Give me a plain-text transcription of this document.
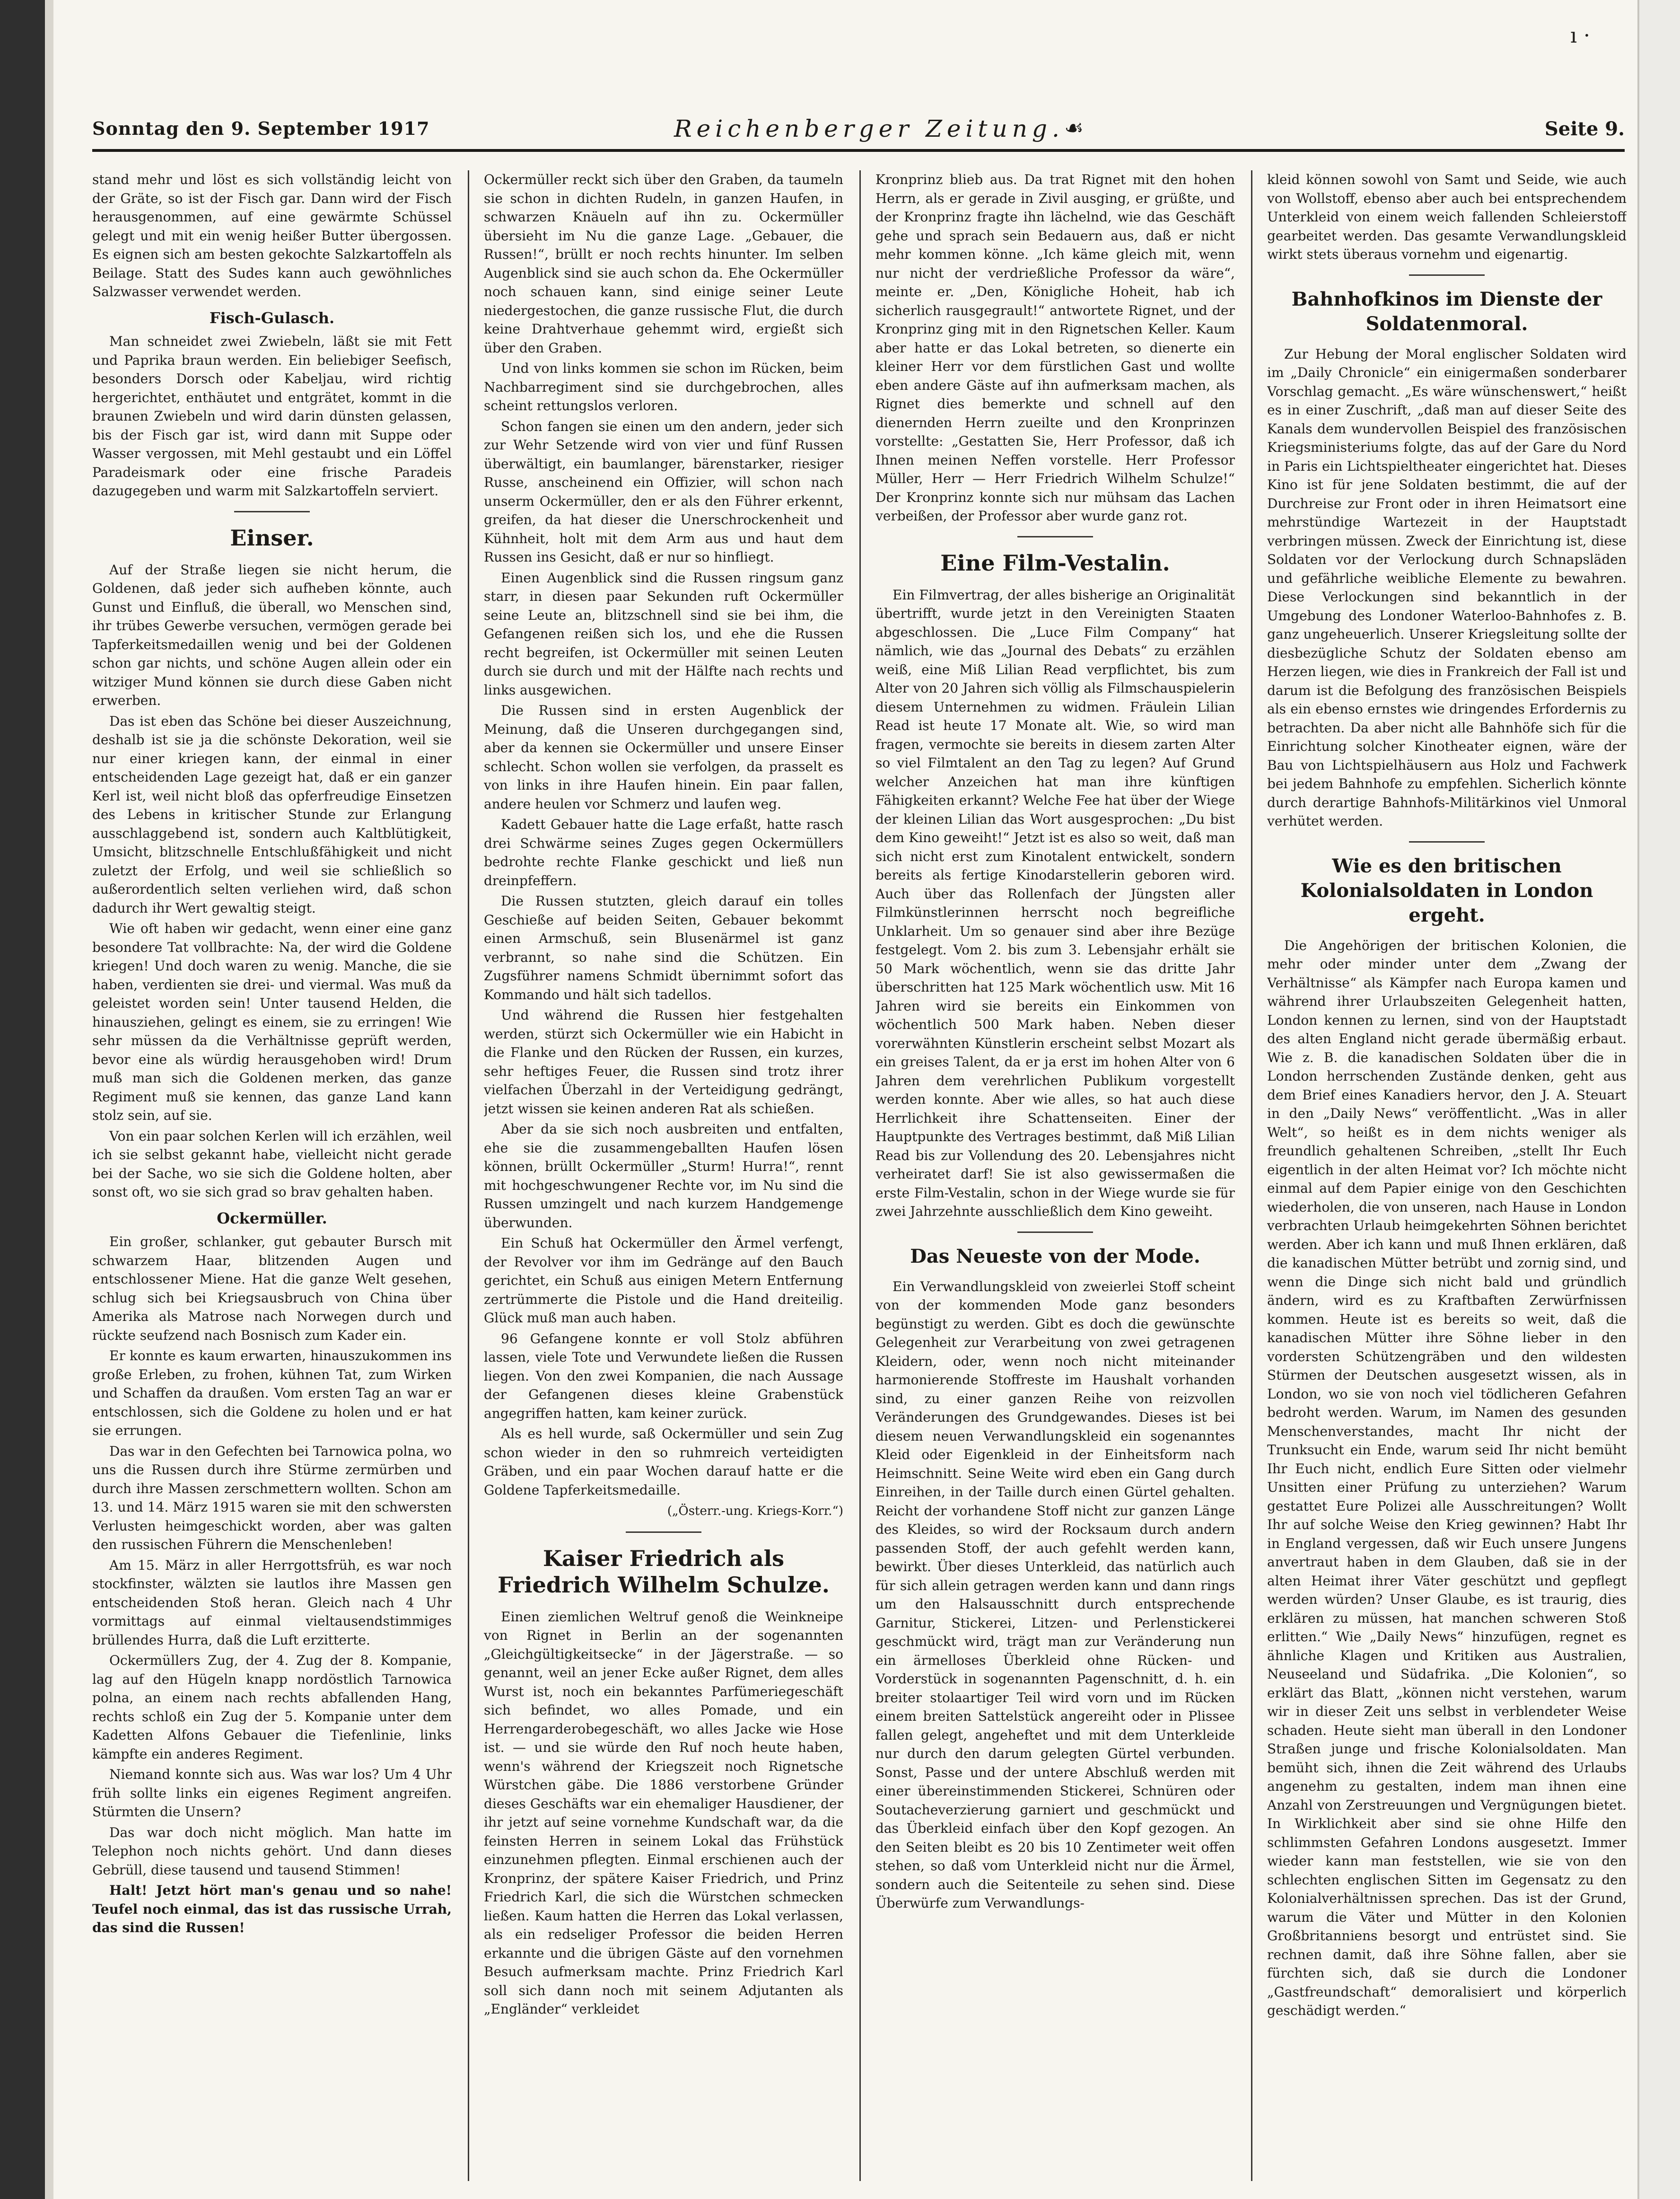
ı ·
Sonntag den 9. September 1917	Reichenberger Zeitung. ☙	Seite 9.

stand mehr und löst es sich vollständig leicht von der Gräte, so ist der Fisch gar. Dann wird der Fisch herausgenommen, auf eine gewärmte Schüssel gelegt und mit ein wenig heißer Butter übergossen. Es eignen sich am besten gekochte Salzkartoffeln als Beilage. Statt des Sudes kann auch gewöhnliches Salzwasser verwendet werden.

Fisch-Gulasch.

Man schneidet zwei Zwiebeln, läßt sie mit Fett und Paprika braun werden. Ein beliebiger Seefisch, besonders Dorsch oder Kabeljau, wird richtig hergerichtet, enthäutet und entgrätet, kommt in die braunen Zwiebeln und wird darin dünsten gelassen, bis der Fisch gar ist, wird dann mit Suppe oder Wasser vergossen, mit Mehl gestaubt und ein Löffel Paradeismark oder eine frische Paradeis dazugegeben und warm mit Salzkartoffeln serviert.

Einser.

Auf der Straße liegen sie nicht herum, die Goldenen, daß jeder sich aufheben könnte, auch Gunst und Einfluß, die überall, wo Menschen sind, ihr trübes Gewerbe versuchen, vermögen gerade bei Tapferkeitsmedaillen wenig und bei der Goldenen schon gar nichts, und schöne Augen allein oder ein witziger Mund können sie durch diese Gaben nicht erwerben.

Das ist eben das Schöne bei dieser Auszeichnung, deshalb ist sie ja die schönste Dekoration, weil sie nur einer kriegen kann, der einmal in einer entscheidenden Lage gezeigt hat, daß er ein ganzer Kerl ist, weil nicht bloß das opferfreudige Einsetzen des Lebens in kritischer Stunde zur Erlangung ausschlaggebend ist, sondern auch Kaltblütigkeit, Umsicht, blitzschnelle Entschlußfähigkeit und nicht zuletzt der Erfolg, und weil sie schließlich so außerordentlich selten verliehen wird, daß schon dadurch ihr Wert gewaltig steigt.

Wie oft haben wir gedacht, wenn einer eine ganz besondere Tat vollbrachte: Na, der wird die Goldene kriegen! Und doch waren zu wenig. Manche, die sie haben, verdienten sie drei- und viermal. Was muß da geleistet worden sein! Unter tausend Helden, die hinausziehen, gelingt es einem, sie zu erringen! Wie sehr müssen da die Verhältnisse geprüft werden, bevor eine als würdig herausgehoben wird! Drum muß man sich die Goldenen merken, das ganze Regiment muß sie kennen, das ganze Land kann stolz sein, auf sie.

Von ein paar solchen Kerlen will ich erzählen, weil ich sie selbst gekannt habe, vielleicht nicht gerade bei der Sache, wo sie sich die Goldene holten, aber sonst oft, wo sie sich grad so brav gehalten haben.

Ockermüller.

Ein großer, schlanker, gut gebauter Bursch mit schwarzem Haar, blitzenden Augen und entschlossener Miene. Hat die ganze Welt gesehen, schlug sich bei Kriegsausbruch von China über Amerika als Matrose nach Norwegen durch und rückte seufzend nach Bosnisch zum Kader ein.

Er konnte es kaum erwarten, hinauszukommen ins große Erleben, zu frohen, kühnen Tat, zum Wirken und Schaffen da draußen. Vom ersten Tag an war er entschlossen, sich die Goldene zu holen und er hat sie errungen.

Das war in den Gefechten bei Tarnowica polna, wo uns die Russen durch ihre Stürme zermürben und durch ihre Massen zerschmettern wollten. Schon am 13. und 14. März 1915 waren sie mit den schwersten Verlusten heimgeschickt worden, aber was galten den russischen Führern die Menschenleben!

Am 15. März in aller Herrgottsfrüh, es war noch stockfinster, wälzten sie lautlos ihre Massen gen entscheidenden Stoß heran. Gleich nach 4 Uhr vormittags auf einmal vieltausendstimmiges brüllendes Hurra, daß die Luft erzitterte.

Ockermüllers Zug, der 4. Zug der 8. Kompanie, lag auf den Hügeln knapp nordöstlich Tarnowica polna, an einem nach rechts abfallenden Hang, rechts schloß ein Zug der 5. Kompanie unter dem Kadetten Alfons Gebauer die Tiefenlinie, links kämpfte ein anderes Regiment.

Niemand konnte sich aus. Was war los? Um 4 Uhr früh sollte links ein eigenes Regiment angreifen. Stürmten die Unsern?

Das war doch nicht möglich. Man hatte im Telephon noch nichts gehört. Und dann dieses Gebrüll, diese tausend und tausend Stimmen!

Halt! Jetzt hört man's genau und so nahe! Teufel noch einmal, das ist das russische Urrah, das sind die Russen!

Ockermüller reckt sich über den Graben, da taumeln sie schon in dichten Rudeln, in ganzen Haufen, in schwarzen Knäueln auf ihn zu. Ockermüller übersieht im Nu die ganze Lage. „Gebauer, die Russen!“, brüllt er noch rechts hinunter. Im selben Augenblick sind sie auch schon da. Ehe Ockermüller noch schauen kann, sind einige seiner Leute niedergestochen, die ganze russische Flut, die durch keine Drahtverhaue gehemmt wird, ergießt sich über den Graben.

Und von links kommen sie schon im Rücken, beim Nachbarregiment sind sie durchgebrochen, alles scheint rettungslos verloren.

Schon fangen sie einen um den andern, jeder sich zur Wehr Setzende wird von vier und fünf Russen überwältigt, ein baumlanger, bärenstarker, riesiger Russe, anscheinend ein Offizier, will schon nach unserm Ockermüller, den er als den Führer erkennt, greifen, da hat dieser die Unerschrockenheit und Kühnheit, holt mit dem Arm aus und haut dem Russen ins Gesicht, daß er nur so hinfliegt.

Einen Augenblick sind die Russen ringsum ganz starr, in diesen paar Sekunden ruft Ockermüller seine Leute an, blitzschnell sind sie bei ihm, die Gefangenen reißen sich los, und ehe die Russen recht begreifen, ist Ockermüller mit seinen Leuten durch sie durch und mit der Hälfte nach rechts und links ausgewichen.

Die Russen sind in ersten Augenblick der Meinung, daß die Unseren durchgegangen sind, aber da kennen sie Ockermüller und unsere Einser schlecht. Schon wollen sie verfolgen, da prasselt es von links in ihre Haufen hinein. Ein paar fallen, andere heulen vor Schmerz und laufen weg.

Kadett Gebauer hatte die Lage erfaßt, hatte rasch drei Schwärme seines Zuges gegen Ockermüllers bedrohte rechte Flanke geschickt und ließ nun dreinpfeffern.

Die Russen stutzten, gleich darauf ein tolles Geschieße auf beiden Seiten, Gebauer bekommt einen Armschuß, sein Blusenärmel ist ganz verbrannt, so nahe sind die Schützen. Ein Zugsführer namens Schmidt übernimmt sofort das Kommando und hält sich tadellos.

Und während die Russen hier festgehalten werden, stürzt sich Ockermüller wie ein Habicht in die Flanke und den Rücken der Russen, ein kurzes, sehr heftiges Feuer, die Russen sind trotz ihrer vielfachen Überzahl in der Verteidigung gedrängt, jetzt wissen sie keinen anderen Rat als schießen.

Aber da sie sich noch ausbreiten und entfalten, ehe sie die zusammengeballten Haufen lösen können, brüllt Ockermüller „Sturm! Hurra!“, rennt mit hochgeschwungener Rechte vor, im Nu sind die Russen umzingelt und nach kurzem Handgemenge überwunden.

Ein Schuß hat Ockermüller den Ärmel verfengt, der Revolver vor ihm im Gedränge auf den Bauch gerichtet, ein Schuß aus einigen Metern Entfernung zertrümmerte die Pistole und die Hand dreiteilig. Glück muß man auch haben.

96 Gefangene konnte er voll Stolz abführen lassen, viele Tote und Verwundete ließen die Russen liegen. Von den zwei Kompanien, die nach Aussage der Gefangenen dieses kleine Grabenstück angegriffen hatten, kam keiner zurück.

Als es hell wurde, saß Ockermüller und sein Zug schon wieder in den so ruhmreich verteidigten Gräben, und ein paar Wochen darauf hatte er die Goldene Tapferkeitsmedaille.

(„Österr.-ung. Kriegs-Korr.“)

Kaiser Friedrich als Friedrich Wilhelm Schulze.

Einen ziemlichen Weltruf genoß die Weinkneipe von Rignet in Berlin an der sogenannten „Gleichgültigkeitsecke“ in der Jägerstraße. — so genannt, weil an jener Ecke außer Rignet, dem alles Wurst ist, noch ein bekanntes Parfümeriegeschäft sich befindet, wo alles Pomade, und ein Herrengarderobegeschäft, wo alles Jacke wie Hose ist. — und sie würde den Ruf noch heute haben, wenn's während der Kriegszeit noch Rignetsche Würstchen gäbe. Die 1886 verstorbene Gründer dieses Geschäfts war ein ehemaliger Hausdiener, der ihr jetzt auf seine vornehme Kundschaft war, da die feinsten Herren in seinem Lokal das Frühstück einzunehmen pflegten. Einmal erschienen auch der Kronprinz, der spätere Kaiser Friedrich, und Prinz Friedrich Karl, die sich die Würstchen schmecken ließen. Kaum hatten die Herren das Lokal verlassen, als ein redseliger Professor die beiden Herren erkannte und die übrigen Gäste auf den vornehmen Besuch aufmerksam machte. Prinz Friedrich Karl soll sich dann noch mit seinem Adjutanten als „Engländer“ verkleidet

Kronprinz blieb aus. Da trat Rignet mit den hohen Herrn, als er gerade in Zivil ausging, er grüßte, und der Kronprinz fragte ihn lächelnd, wie das Geschäft gehe und sprach sein Bedauern aus, daß er nicht mehr kommen könne. „Ich käme gleich mit, wenn nur nicht der verdrießliche Professor da wäre“, meinte er. „Den, Königliche Hoheit, hab ich sicherlich rausgegrault!“ antwortete Rignet, und der Kronprinz ging mit in den Rignetschen Keller. Kaum aber hatte er das Lokal betreten, so dienerte ein kleiner Herr vor dem fürstlichen Gast und wollte eben andere Gäste auf ihn aufmerksam machen, als Rignet dies bemerkte und schnell auf den dienernden Herrn zueilte und den Kronprinzen vorstellte: „Gestatten Sie, Herr Professor, daß ich Ihnen meinen Neffen vorstelle. Herr Professor Müller, Herr — Herr Friedrich Wilhelm Schulze!“ Der Kronprinz konnte sich nur mühsam das Lachen verbeißen, der Professor aber wurde ganz rot.

Eine Film-Vestalin.

Ein Filmvertrag, der alles bisherige an Originalität übertrifft, wurde jetzt in den Vereinigten Staaten abgeschlossen. Die „Luce Film Company“ hat nämlich, wie das „Journal des Debats“ zu erzählen weiß, eine Miß Lilian Read verpflichtet, bis zum Alter von 20 Jahren sich völlig als Filmschauspielerin diesem Unternehmen zu widmen. Fräulein Lilian Read ist heute 17 Monate alt. Wie, so wird man fragen, vermochte sie bereits in diesem zarten Alter so viel Filmtalent an den Tag zu legen? Auf Grund welcher Anzeichen hat man ihre künftigen Fähigkeiten erkannt? Welche Fee hat über der Wiege der kleinen Lilian das Wort ausgesprochen: „Du bist dem Kino geweiht!“ Jetzt ist es also so weit, daß man sich nicht erst zum Kinotalent entwickelt, sondern bereits als fertige Kinodarstellerin geboren wird. Auch über das Rollenfach der Jüngsten aller Filmkünstlerinnen herrscht noch begreifliche Unklarheit. Um so genauer sind aber ihre Bezüge festgelegt. Vom 2. bis zum 3. Lebensjahr erhält sie 50 Mark wöchentlich, wenn sie das dritte Jahr überschritten hat 125 Mark wöchentlich usw. Mit 16 Jahren wird sie bereits ein Einkommen von wöchentlich 500 Mark haben. Neben dieser vorerwähnten Künstlerin erscheint selbst Mozart als ein greises Talent, da er ja erst im hohen Alter von 6 Jahren dem verehrlichen Publikum vorgestellt werden konnte. Aber wie alles, so hat auch diese Herrlichkeit ihre Schattenseiten. Einer der Hauptpunkte des Vertrages bestimmt, daß Miß Lilian Read bis zur Vollendung des 20. Lebensjahres nicht verheiratet darf! Sie ist also gewissermaßen die erste Film-Vestalin, schon in der Wiege wurde sie für zwei Jahrzehnte ausschließlich dem Kino geweiht.

Das Neueste von der Mode.

Ein Verwandlungskleid von zweierlei Stoff scheint von der kommenden Mode ganz besonders begünstigt zu werden. Gibt es doch die gewünschte Gelegenheit zur Verarbeitung von zwei getragenen Kleidern, oder, wenn noch nicht miteinander harmonierende Stoffreste im Haushalt vorhanden sind, zu einer ganzen Reihe von reizvollen Veränderungen des Grundgewandes. Dieses ist bei diesem neuen Verwandlungskleid ein sogenanntes Kleid oder Eigenkleid in der Einheitsform nach Heimschnitt. Seine Weite wird eben ein Gang durch Einreihen, in der Taille durch einen Gürtel gehalten. Reicht der vorhandene Stoff nicht zur ganzen Länge des Kleides, so wird der Rocksaum durch andern passenden Stoff, der auch gefehlt werden kann, bewirkt. Über dieses Unterkleid, das natürlich auch für sich allein getragen werden kann und dann rings um den Halsausschnitt durch entsprechende Garnitur, Stickerei, Litzen- und Perlenstickerei geschmückt wird, trägt man zur Veränderung nun ein ärmelloses Überkleid ohne Rücken- und Vorderstück in sogenannten Pagenschnitt, d. h. ein breiter stolaartiger Teil wird vorn und im Rücken einem breiten Sattelstück angereiht oder in Plissee fallen gelegt, angeheftet und mit dem Unterkleide nur durch den darum gelegten Gürtel verbunden. Sonst, Passe und der untere Abschluß werden mit einer übereinstimmenden Stickerei, Schnüren oder Soutacheverzierung garniert und geschmückt und das Überkleid einfach über den Kopf gezogen. An den Seiten bleibt es 20 bis 10 Zentimeter weit offen stehen, so daß vom Unterkleid nicht nur die Ärmel, sondern auch die Seitenteile zu sehen sind. Diese Überwürfe zum Verwandlungs-

kleid können sowohl von Samt und Seide, wie auch von Wollstoff, ebenso aber auch bei entsprechendem Unterkleid von einem weich fallenden Schleierstoff gearbeitet werden. Das gesamte Verwandlungskleid wirkt stets überaus vornehm und eigenartig.

Bahnhofkinos im Dienste der Soldatenmoral.

Zur Hebung der Moral englischer Soldaten wird im „Daily Chronicle“ ein einigermaßen sonderbarer Vorschlag gemacht. „Es wäre wünschenswert,“ heißt es in einer Zuschrift, „daß man auf dieser Seite des Kanals dem wundervollen Beispiel des französischen Kriegsministeriums folgte, das auf der Gare du Nord in Paris ein Lichtspieltheater eingerichtet hat. Dieses Kino ist für jene Soldaten bestimmt, die auf der Durchreise zur Front oder in ihren Heimatsort eine mehrstündige Wartezeit in der Hauptstadt verbringen müssen. Zweck der Einrichtung ist, diese Soldaten vor der Verlockung durch Schnapsläden und gefährliche weibliche Elemente zu bewahren. Diese Verlockungen sind bekanntlich in der Umgebung des Londoner Waterloo-Bahnhofes z. B. ganz ungeheuerlich. Unserer Kriegsleitung sollte der diesbezügliche Schutz der Soldaten ebenso am Herzen liegen, wie dies in Frankreich der Fall ist und darum ist die Befolgung des französischen Beispiels als ein ebenso ernstes wie dringendes Erfordernis zu betrachten. Da aber nicht alle Bahnhöfe sich für die Einrichtung solcher Kinotheater eignen, wäre der Bau von Lichtspielhäusern aus Holz und Fachwerk bei jedem Bahnhofe zu empfehlen. Sicherlich könnte durch derartige Bahnhofs-Militärkinos viel Unmoral verhütet werden.

Wie es den britischen Kolonialsoldaten in London ergeht.

Die Angehörigen der britischen Kolonien, die mehr oder minder unter dem „Zwang der Verhältnisse“ als Kämpfer nach Europa kamen und während ihrer Urlaubszeiten Gelegenheit hatten, London kennen zu lernen, sind von der Hauptstadt des alten England nicht gerade übermäßig erbaut. Wie z. B. die kanadischen Soldaten über die in London herrschenden Zustände denken, geht aus dem Brief eines Kanadiers hervor, den J. A. Steuart in den „Daily News“ veröffentlicht. „Was in aller Welt“, so heißt es in dem nichts weniger als freundlich gehaltenen Schreiben, „stellt Ihr Euch eigentlich in der alten Heimat vor? Ich möchte nicht einmal auf dem Papier einige von den Geschichten wiederholen, die von unseren, nach Hause in London verbrachten Urlaub heimgekehrten Söhnen berichtet werden. Aber ich kann und muß Ihnen erklären, daß die kanadischen Mütter betrübt und zornig sind, und wenn die Dinge sich nicht bald und gründlich ändern, wird es zu Kraftbaften Zerwürfnissen kommen. Heute ist es bereits so weit, daß die kanadischen Mütter ihre Söhne lieber in den vordersten Schützengräben und den wildesten Stürmen der Deutschen ausgesetzt wissen, als in London, wo sie von noch viel tödlicheren Gefahren bedroht werden. Warum, im Namen des gesunden Menschenverstandes, macht Ihr nicht der Trunksucht ein Ende, warum seid Ihr nicht bemüht Ihr Euch nicht, endlich Eure Sitten oder vielmehr Unsitten einer Prüfung zu unterziehen? Warum gestattet Eure Polizei alle Ausschreitungen? Wollt Ihr auf solche Weise den Krieg gewinnen? Habt Ihr in England vergessen, daß wir Euch unsere Jungens anvertraut haben in dem Glauben, daß sie in der alten Heimat ihrer Väter geschützt und gepflegt werden würden? Unser Glaube, es ist traurig, dies erklären zu müssen, hat manchen schweren Stoß erlitten.“ Wie „Daily News“ hinzufügen, regnet es ähnliche Klagen und Kritiken aus Australien, Neuseeland und Südafrika. „Die Kolonien“, so erklärt das Blatt, „können nicht verstehen, warum wir in dieser Zeit uns selbst in verblendeter Weise schaden. Heute sieht man überall in den Londoner Straßen junge und frische Kolonialsoldaten. Man bemüht sich, ihnen die Zeit während des Urlaubs angenehm zu gestalten, indem man ihnen eine Anzahl von Zerstreuungen und Vergnügungen bietet. In Wirklichkeit aber sind sie ohne Hilfe den schlimmsten Gefahren Londons ausgesetzt. Immer wieder kann man feststellen, wie sie von den schlechten englischen Sitten im Gegensatz zu den Kolonialverhältnissen sprechen. Das ist der Grund, warum die Väter und Mütter in den Kolonien Großbritanniens besorgt und entrüstet sind. Sie rechnen damit, daß ihre Söhne fallen, aber sie fürchten sich, daß sie durch die Londoner „Gastfreundschaft“ demoralisiert und körperlich geschädigt werden.“
